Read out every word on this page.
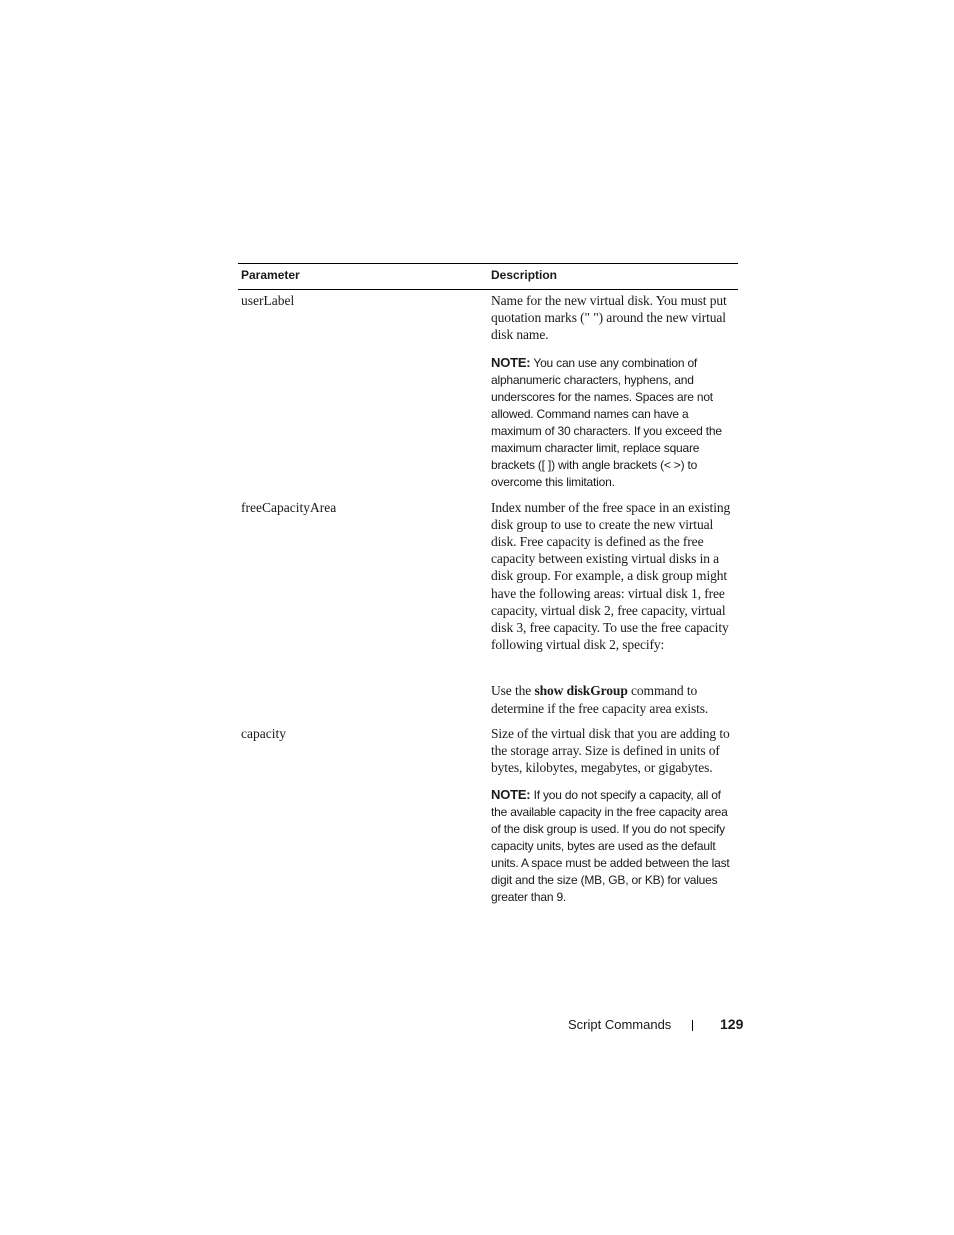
Parameter	Description
userLabel	Name for the new virtual disk. You must put quotation marks (" ") around the new virtual disk name.

NOTE: You can use any combination of alphanumeric characters, hyphens, and underscores for the names. Spaces are not allowed. Command names can have a maximum of 30 characters. If you exceed the maximum character limit, replace square brackets ([ ]) with angle brackets (< >) to overcome this limitation.
freeCapacityArea	Index number of the free space in an existing disk group to use to create the new virtual disk. Free capacity is defined as the free capacity between existing virtual disks in a disk group. For example, a disk group might have the following areas: virtual disk 1, free capacity, virtual disk 2, free capacity, virtual disk 3, free capacity. To use the free capacity following virtual disk 2, specify:

Use the show diskGroup command to determine if the free capacity area exists.

capacity	Size of the virtual disk that you are adding to the storage array. Size is defined in units of bytes, kilobytes, megabytes, or gigabytes.

NOTE: If you do not specify a capacity, all of the available capacity in the free capacity area of the disk group is used. If you do not specify capacity units, bytes are used as the default units. A space must be added between the last digit and the size (MB, GB, or KB) for values greater than 9.
Script Commands	129
